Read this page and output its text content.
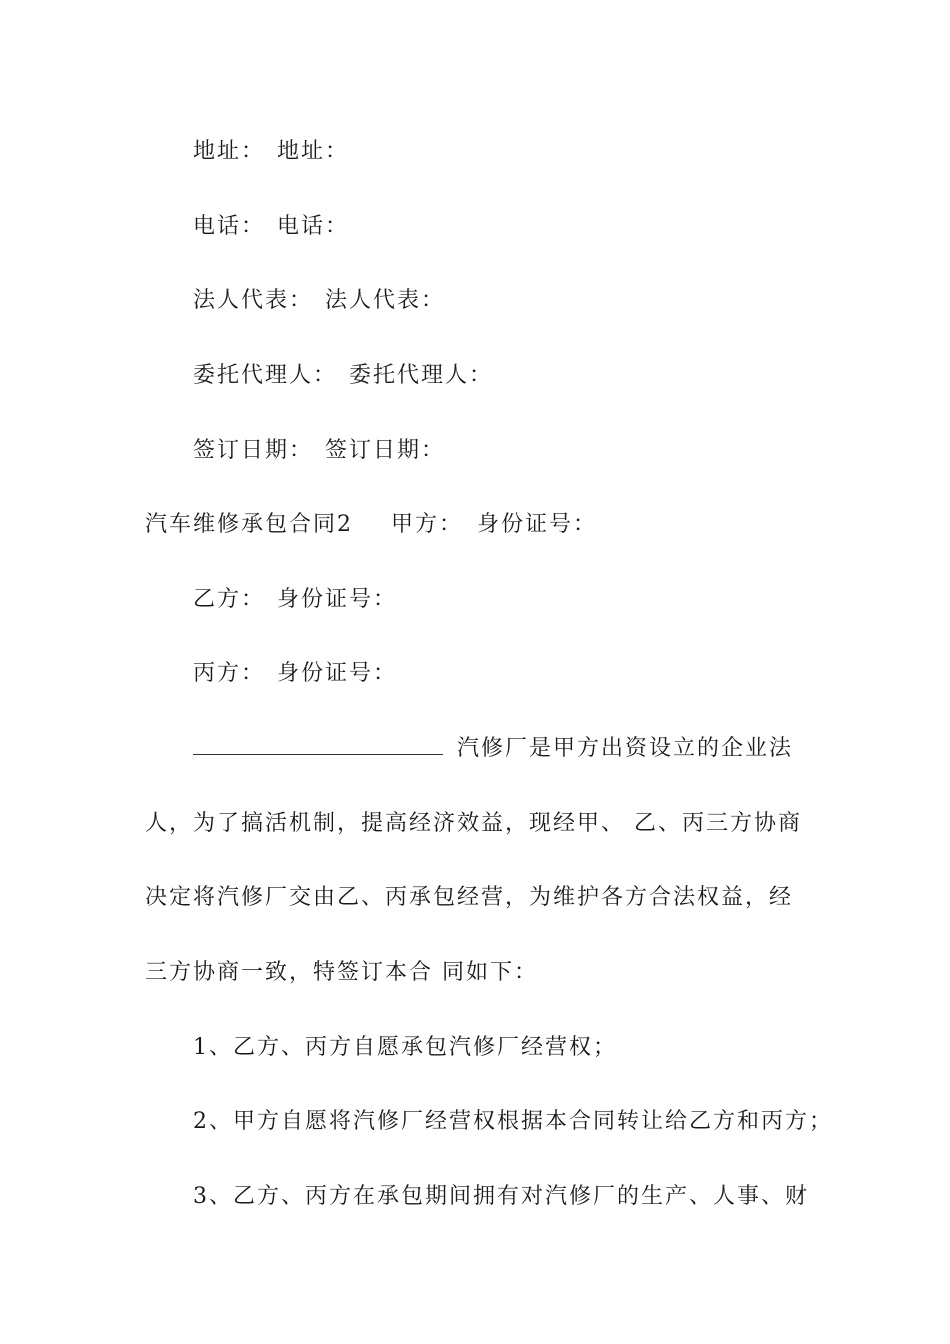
地址： 地址：
电话： 电话：
法人代表： 法人代表：
委托代理人： 委托代理人：
签订日期： 签订日期：
汽车维修承包合同2 甲方： 身份证号：
乙方： 身份证号：
丙方： 身份证号：
汽修厂是甲方出资设立的企业法
人，为了搞活机制，提高经济效益，现经甲、 乙、丙三方协商
决定将汽修厂交由乙、丙承包经营，为维护各方合法权益，经
三方协商一致，特签订本合 同如下：
1、乙方、丙方自愿承包汽修厂经营权；
2、甲方自愿将汽修厂经营权根据本合同转让给乙方和丙方；
3、乙方、丙方在承包期间拥有对汽修厂的生产、人事、财
